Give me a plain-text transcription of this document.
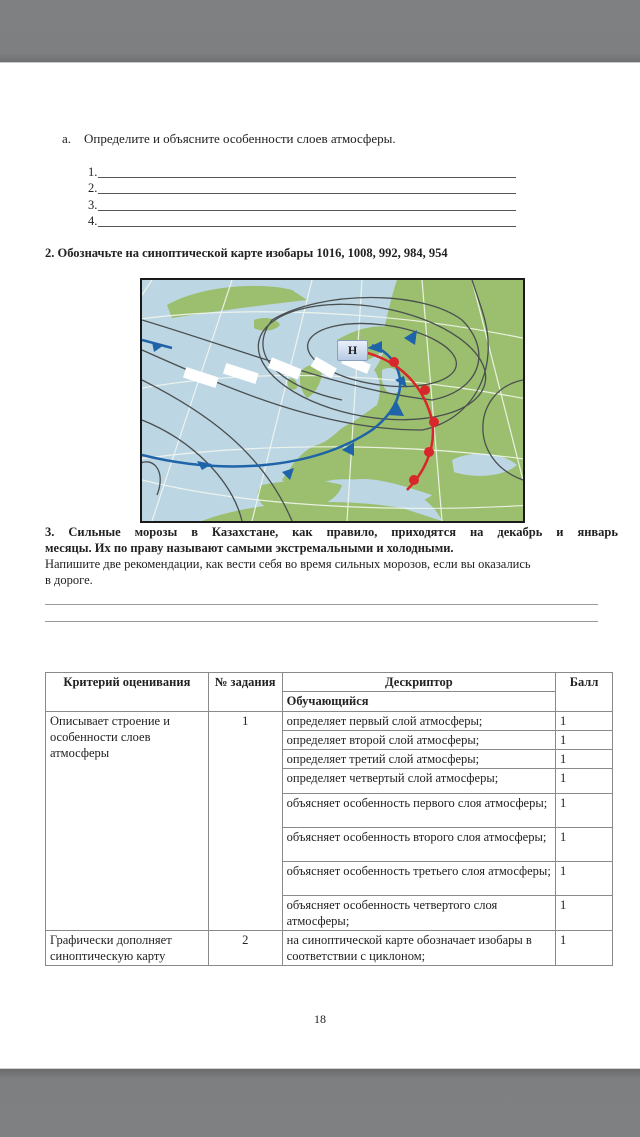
a. Определите и объясните особенности слоев атмосферы.
1.
2.
3.
4.
2. Обозначьте на синоптической карте изобары 1016, 1008, 992, 984, 954
Н
3. Сильные морозы в Казахстане, как правило, приходятся на декабрь и январь
месяцы. Их по праву называют самыми экстремальными и холодными.
Напишите две рекомендации, как вести себя во время сильных морозов, если вы оказались
в дороге.
Критерий оценивания	№ задания	Дескриптор	Балл
		Обучающийся	
Описывает строение и особенности слоев атмосферы	1	определяет первый слой атмосферы;	1
		определяет второй слой атмосферы;	1
		определяет третий слой атмосферы;	1
		определяет четвертый слой атмосферы;	1
		объясняет особенность первого слоя атмосферы;	1
		объясняет особенность второго слоя атмосферы;	1
		объясняет особенность третьего слоя атмосферы;	1
		объясняет особенность четвертого слоя атмосферы;	1
Графически дополняет синоптическую карту	2	на синоптической карте обозначает изобары в соответствии с циклоном;	1
18
